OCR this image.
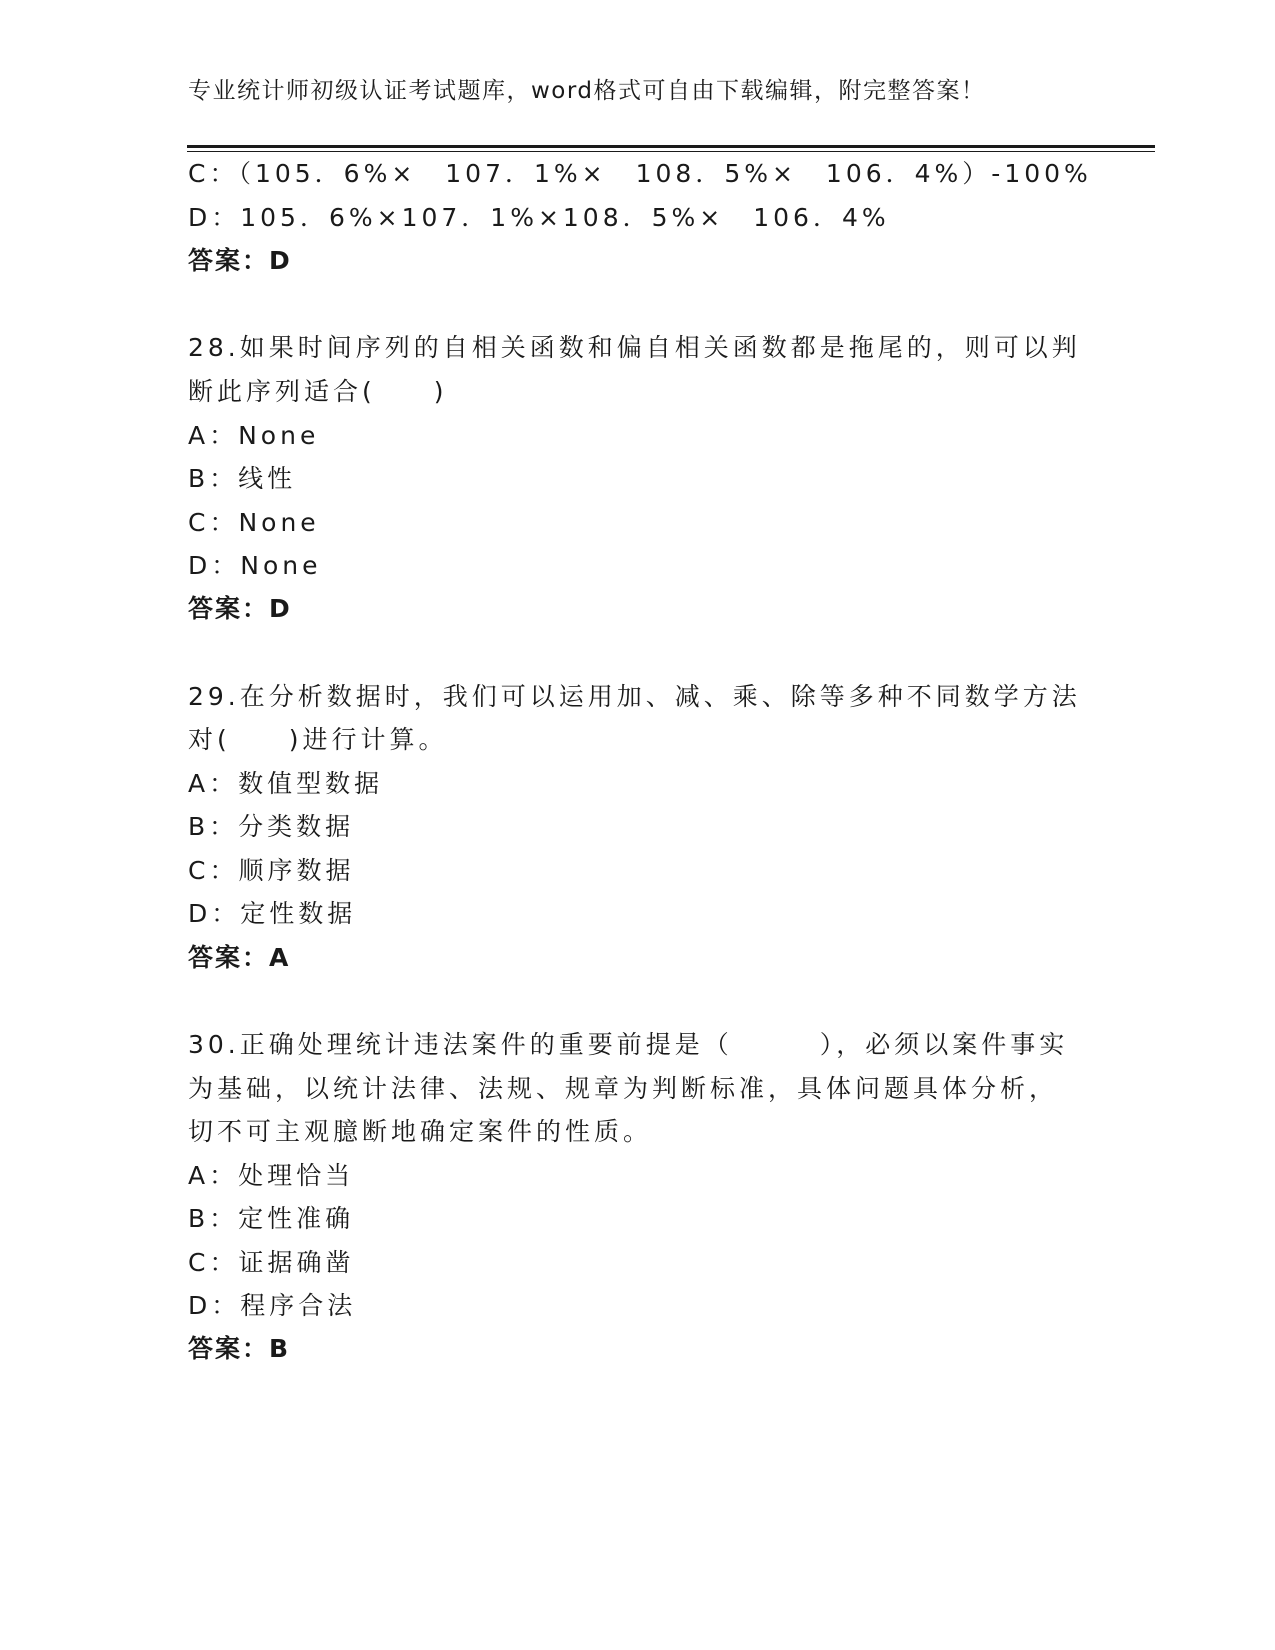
专业统计师初级认证考试题库，word格式可自由下载编辑，附完整答案！
C：（105．6%×　107．1%×　108．5%×　106．4%）-100%
D：105．6%×107．1%×108．5%×　106．4%
答案：D
28.如果时间序列的自相关函数和偏自相关函数都是拖尾的，则可以判
断此序列适合(　　)
A：None
B：线性
C：None
D：None
答案：D
29.在分析数据时，我们可以运用加、减、乘、除等多种不同数学方法
对(　　)进行计算。
A：数值型数据
B：分类数据
C：顺序数据
D：定性数据
答案：A
30.正确处理统计违法案件的重要前提是（　　　），必须以案件事实
为基础，以统计法律、法规、规章为判断标准，具体问题具体分析，
切不可主观臆断地确定案件的性质。
A：处理恰当
B：定性准确
C：证据确凿
D：程序合法
答案：B
